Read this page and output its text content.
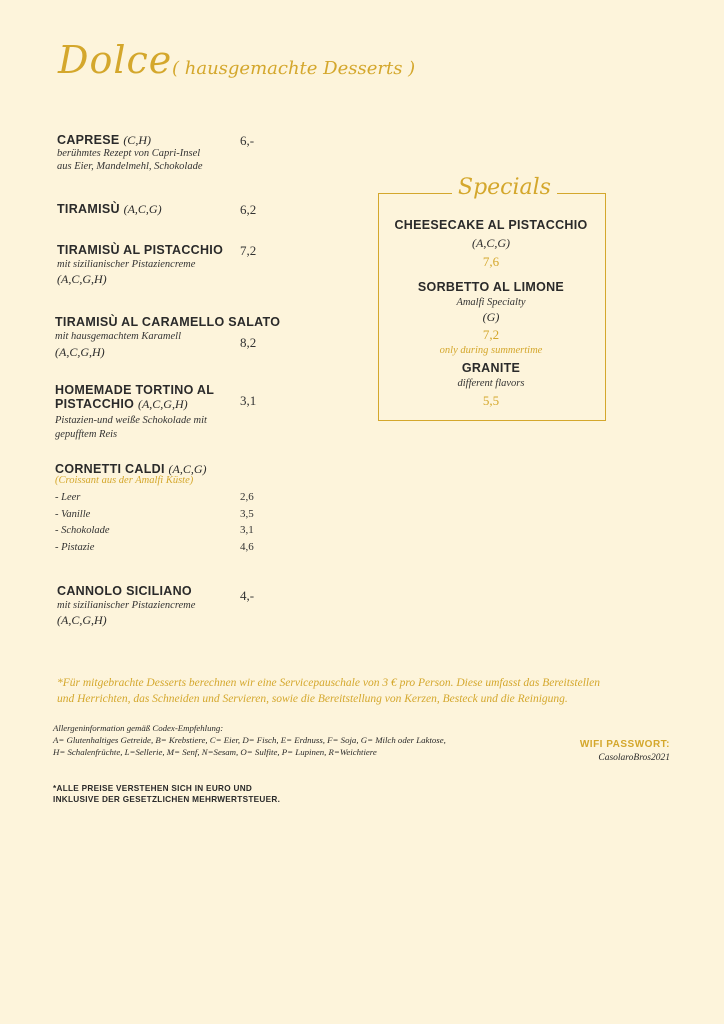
Dolce ( hausgemachte Desserts )
CAPRESE (C,H)
berühmtes Rezept von Capri-Insel
aus Eier, Mandelmehl, Schokolade
6,-
TIRAMISÙ (A,C,G)	6,2
TIRAMISÙ AL PISTACCHIO
mit sizilianischer Pistaziencreme
(A,C,G,H)
7,2
TIRAMISÙ AL CARAMELLO SALATO
mit hausgemachtem Karamell
(A,C,G,H)
8,2
HOMEMADE TORTINO AL
PISTACCHIO (A,C,G,H)
Pistazien-und weiße Schokolade mit
gepufftem Reis
3,1
CORNETTI CALDI (A,C,G)
(Croissant aus der Amalfi Küste)
- Leer	2,6
- Vanille	3,5
- Schokolade	3,1
- Pistazie	4,6
CANNOLO SICILIANO
mit sizilianischer Pistaziencreme
(A,C,G,H)
4,-
Specials
CHEESECAKE AL PISTACCHIO
(A,C,G)
7,6
SORBETTO AL LIMONE
Amalfi Specialty
(G)
7,2
only during summertime
GRANITE
different flavors
5,5
*Für mitgebrachte Desserts berechnen wir eine Servicepauschale von 3 € pro Person. Diese umfasst das Bereitstellen
und Herrichten, das Schneiden und Servieren, sowie die Bereitstellung von Kerzen, Besteck und die Reinigung.
Allergeninformation gemäß Codex-Empfehlung:
A= Glutenhaltiges Getreide, B= Krebstiere, C= Eier, D= Fisch, E= Erdnuss, F= Soja, G= Milch oder Laktose,
H= Schalenfrüchte, L=Sellerie, M= Senf, N=Sesam, O= Sulfite, P= Lupinen, R=Weichtiere
*ALLE PREISE VERSTEHEN SICH IN EURO UND
INKLUSIVE DER GESETZLICHEN MEHRWERTSTEUER.
WIFI PASSWORT:
CasolaroBros2021
